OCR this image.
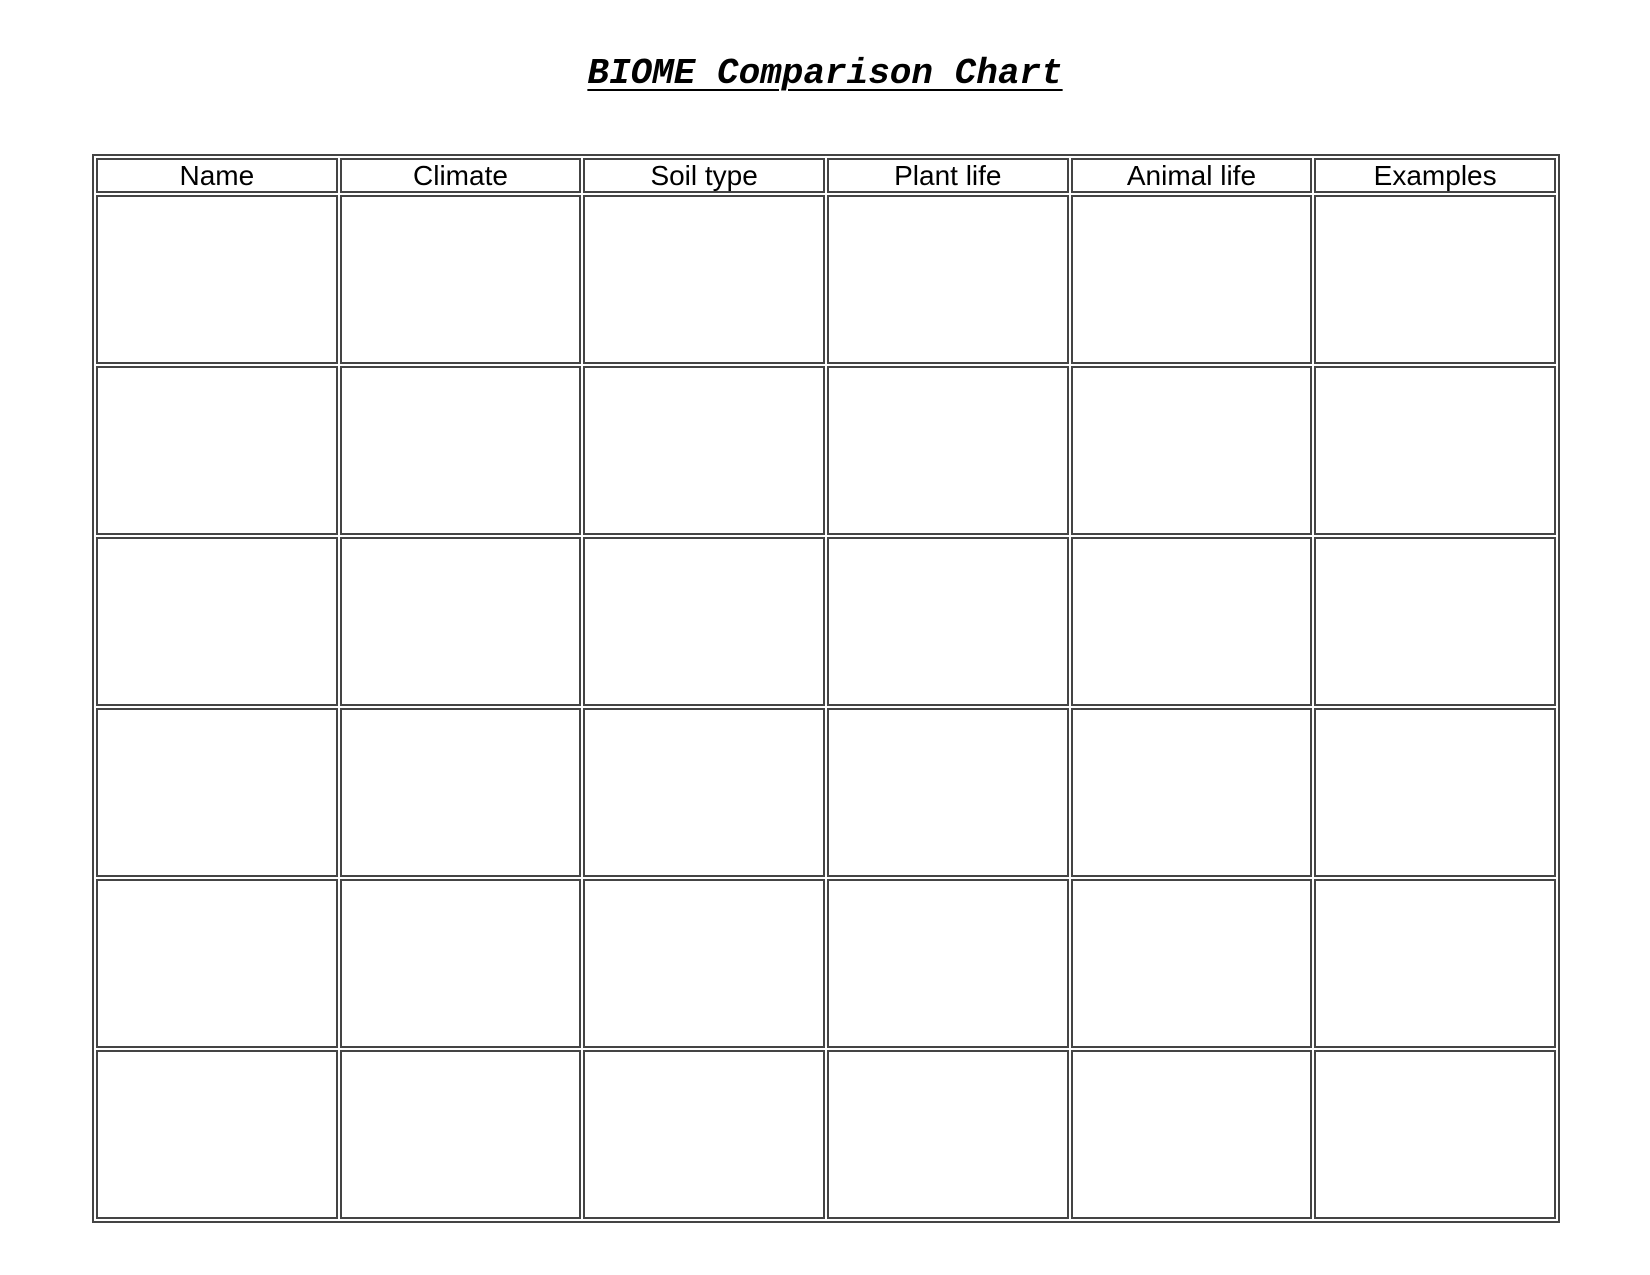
BIOME Comparison Chart
Name	Climate	Soil type	Plant life	Animal life	Examples
